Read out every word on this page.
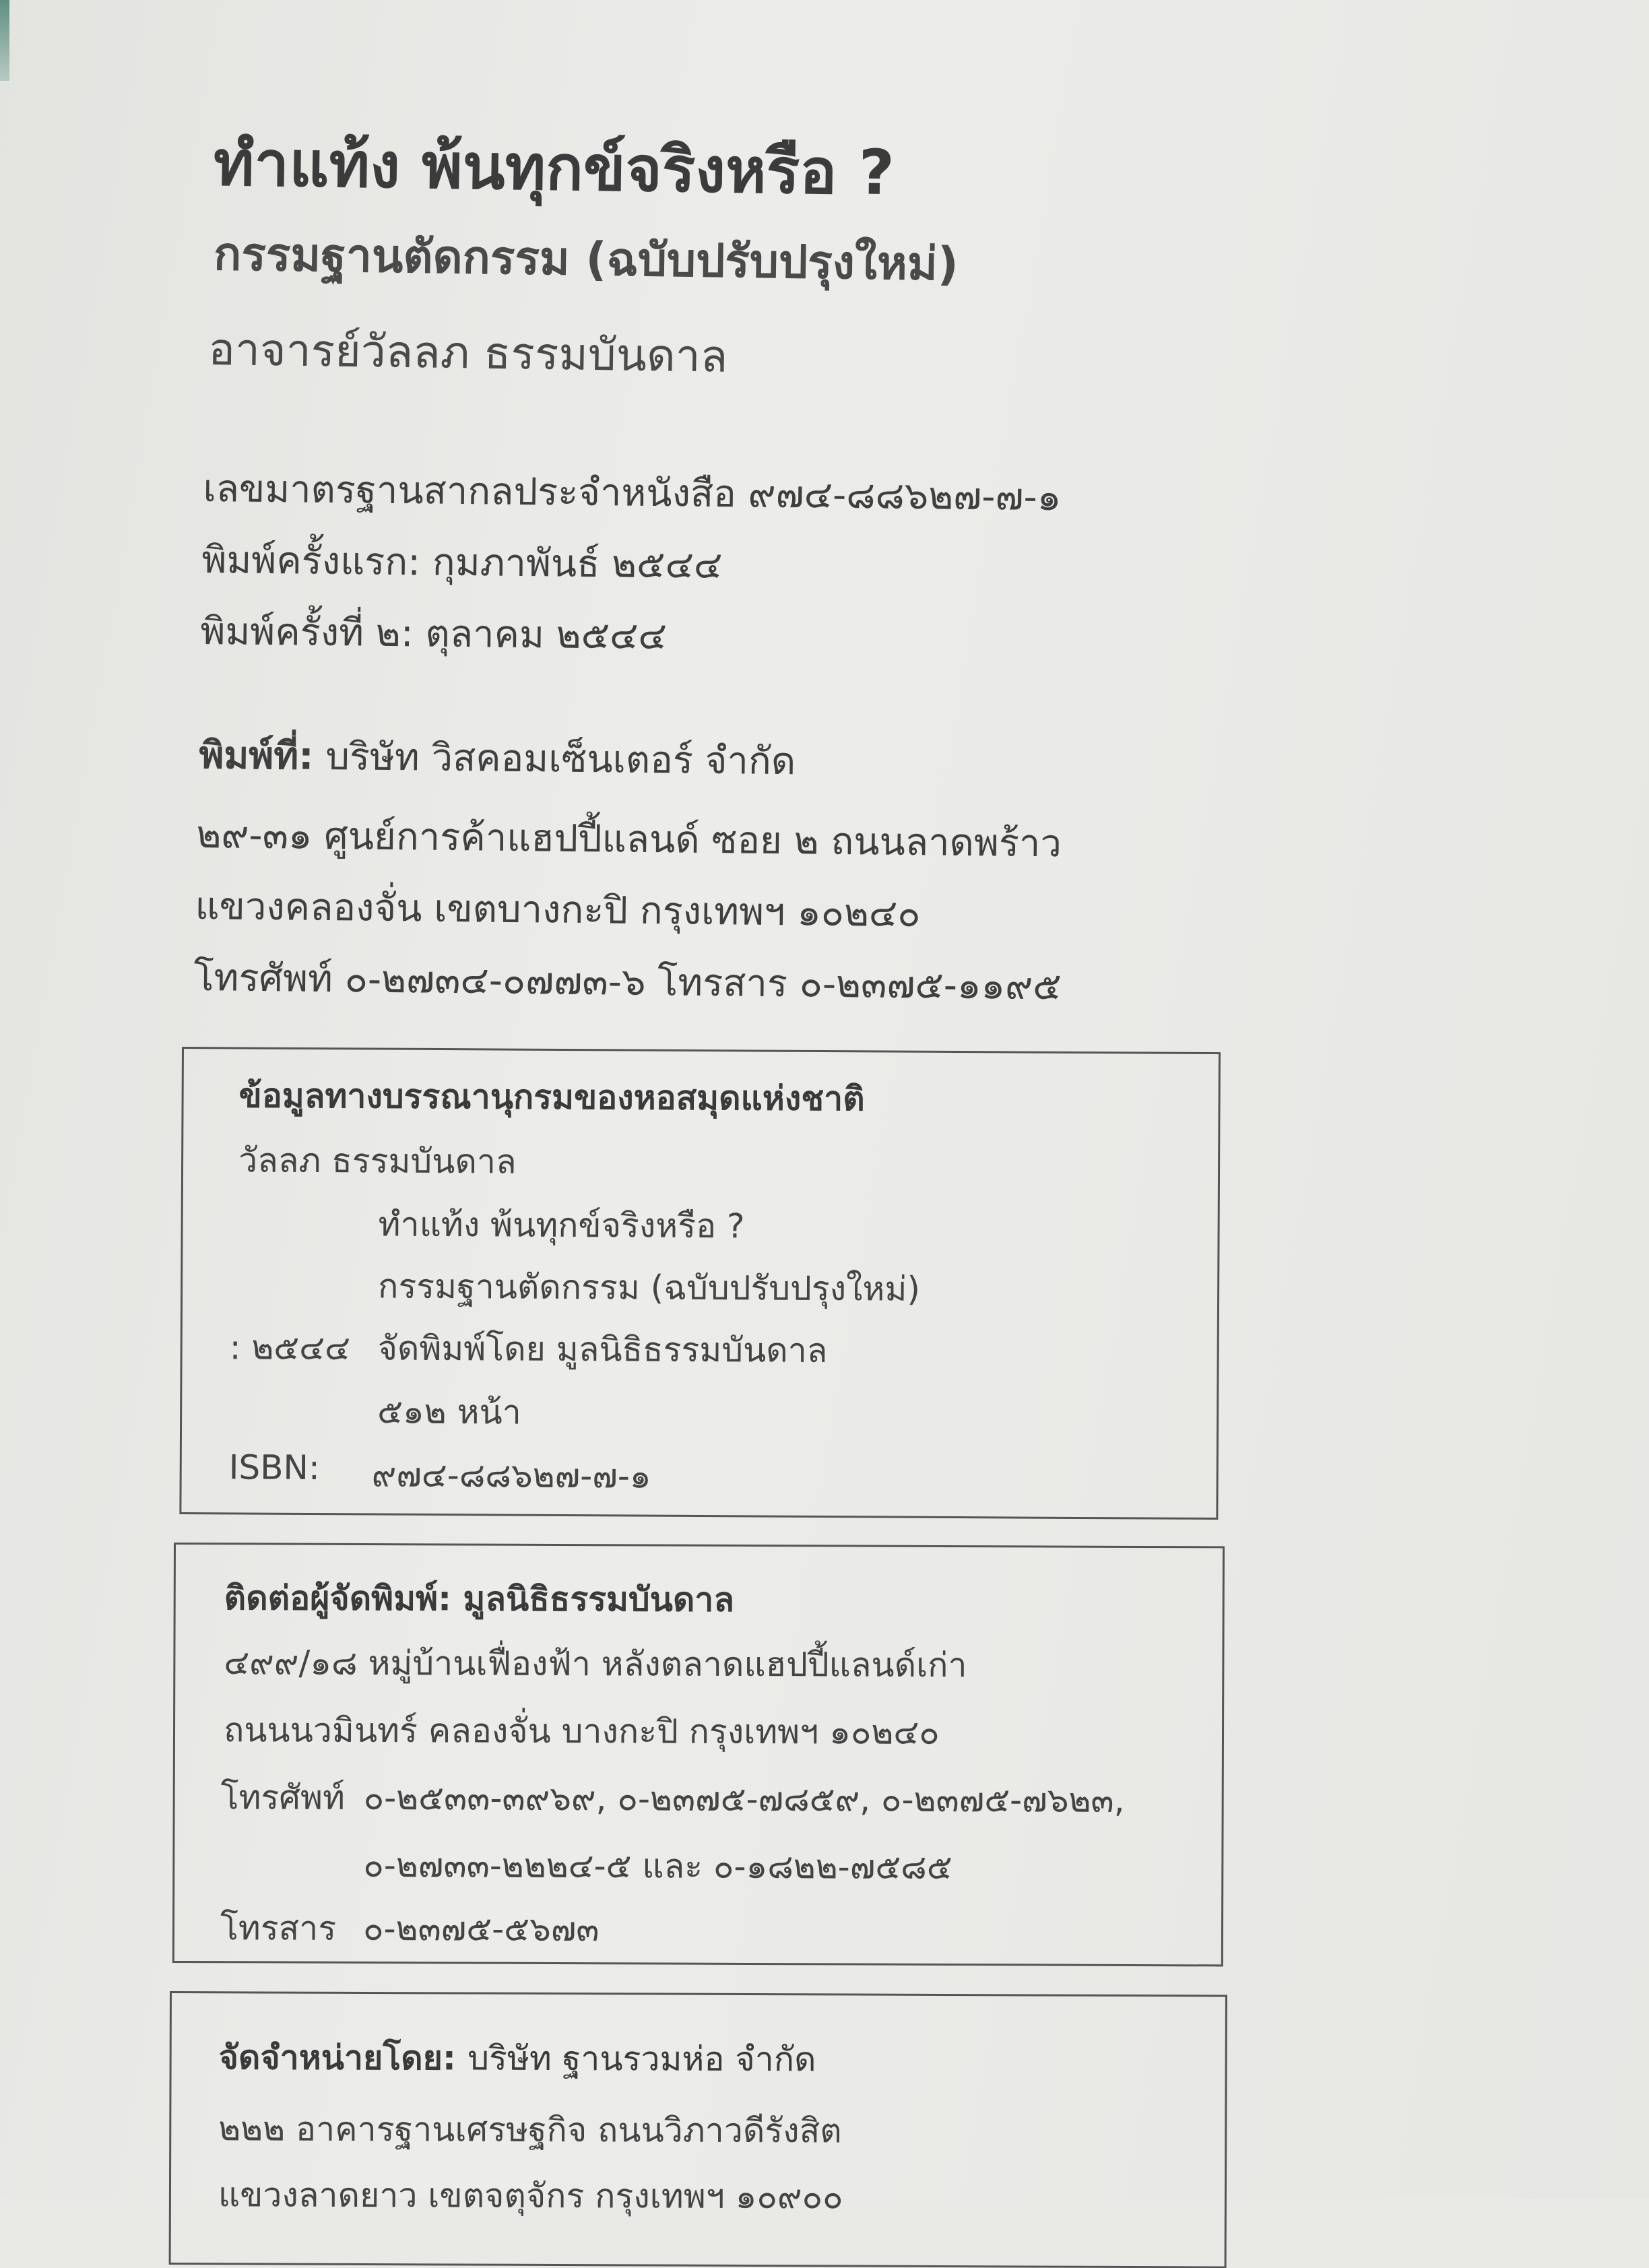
ทำแท้ง พ้นทุกข์จริงหรือ ?
กรรมฐานตัดกรรม (ฉบับปรับปรุงใหม่)
อาจารย์วัลลภ ธรรมบันดาล
เลขมาตรฐานสากลประจำหนังสือ ๙๗๔-๘๘๖๒๗-๗-๑
พิมพ์ครั้งแรก: กุมภาพันธ์ ๒๕๔๔
พิมพ์ครั้งที่ ๒: ตุลาคม ๒๕๔๔
พิมพ์ที่: บริษัท วิสคอมเซ็นเตอร์ จำกัด
๒๙-๓๑ ศูนย์การค้าแฮปปี้แลนด์ ซอย ๒ ถนนลาดพร้าว
แขวงคลองจั่น เขตบางกะปิ กรุงเทพฯ ๑๐๒๔๐
โทรศัพท์ ๐-๒๗๓๔-๐๗๗๓-๖ โทรสาร ๐-๒๓๗๕-๑๑๙๕
ข้อมูลทางบรรณานุกรมของหอสมุดแห่งชาติ
วัลลภ ธรรมบันดาล
ทำแท้ง พ้นทุกข์จริงหรือ ?
กรรมฐานตัดกรรม (ฉบับปรับปรุงใหม่)
: ๒๕๔๔ จัดพิมพ์โดย มูลนิธิธรรมบันดาล
๕๑๒ หน้า
ISBN: ๙๗๔-๘๘๖๒๗-๗-๑
ติดต่อผู้จัดพิมพ์: มูลนิธิธรรมบันดาล
๔๙๙/๑๘ หมู่บ้านเฟื่องฟ้า หลังตลาดแฮปปี้แลนด์เก่า
ถนนนวมินทร์ คลองจั่น บางกะปิ กรุงเทพฯ ๑๐๒๔๐
โทรศัพท์ ๐-๒๕๓๓-๓๙๖๙, ๐-๒๓๗๕-๗๘๕๙, ๐-๒๓๗๕-๗๖๒๓,
๐-๒๗๓๓-๒๒๒๔-๕ และ ๐-๑๘๒๒-๗๕๘๕
โทรสาร ๐-๒๓๗๕-๕๖๗๓
จัดจำหน่ายโดย: บริษัท ฐานรวมห่อ จำกัด
๒๒๒ อาคารฐานเศรษฐกิจ ถนนวิภาวดีรังสิต
แขวงลาดยาว เขตจตุจักร กรุงเทพฯ ๑๐๙๐๐
